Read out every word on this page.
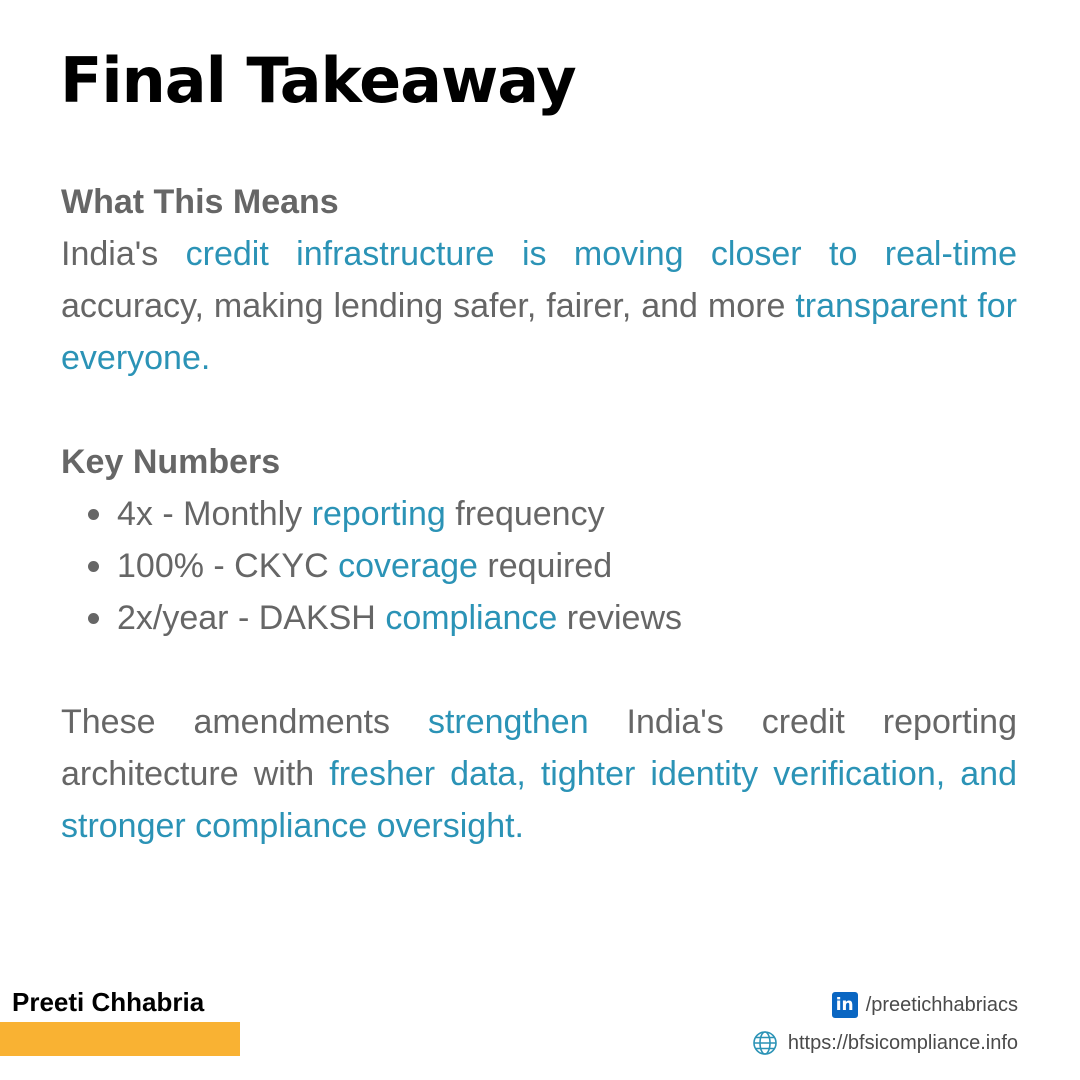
Final Takeaway
What This Means

India's credit infrastructure is moving closer to real-time accuracy, making lending safer, fairer, and more transparent for everyone.

Key Numbers
4x - Monthly reporting frequency
100% - CKYC coverage required
2x/year - DAKSH compliance reviews

These amendments strengthen India's credit reporting architecture with fresher data, tighter identity verification, and stronger compliance oversight.

Preeti Chhabria	in /preetichhabriacs
https://bfsicompliance.info
